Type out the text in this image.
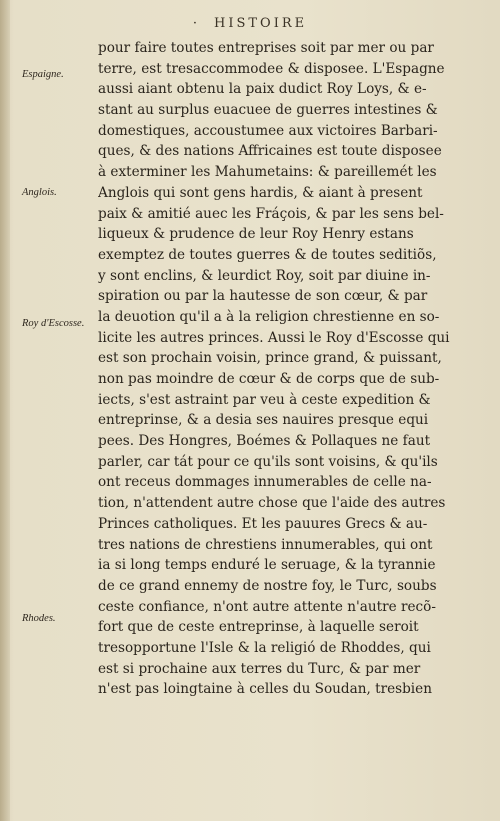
· HISTOIRE
Espaigne.
Anglois.
Roy d'Escosse.
Rhodes.
pour faire toutes entreprises soit par mer ou par
terre, est tresaccommodee & disposee. L'Espagne
aussi aiant obtenu la paix dudict Roy Loys, & e-
stant au surplus euacuee de guerres intestines &
domestiques, accoustumee aux victoires Barbari-
ques, & des nations Affricaines est toute disposee
à exterminer les Mahumetains: & pareillemét les
Anglois qui sont gens hardis, & aiant à present
paix & amitié auec les Fráçois, & par les sens bel-
liqueux & prudence de leur Roy Henry estans
exemptez de toutes guerres & de toutes seditiõs,
y sont enclins, & leurdict Roy, soit par diuine in-
spiration ou par la hautesse de son cœur, & par
la deuotion qu'il a à la religion chrestienne en so-
licite les autres princes. Aussi le Roy d'Escosse qui
est son prochain voisin, prince grand, & puissant,
non pas moindre de cœur & de corps que de sub-
iects, s'est astraint par veu à ceste expedition &
entreprinse, & a desia ses nauires presque equi
pees. Des Hongres, Boémes & Pollaques ne faut
parler, car tát pour ce qu'ils sont voisins, & qu'ils
ont receus dommages innumerables de celle na-
tion, n'attendent autre chose que l'aide des autres
Princes catholiques. Et les pauures Grecs & au-
tres nations de chrestiens innumerables, qui ont
ia si long temps enduré le seruage, & la tyrannie
de ce grand ennemy de nostre foy, le Turc, soubs
ceste confiance, n'ont autre attente n'autre recõ-
fort que de ceste entreprinse, à laquelle seroit
tresopportune l'Isle & la religió de Rhoddes, qui
est si prochaine aux terres du Turc, & par mer
n'est pas loingtaine à celles du Soudan, tresbien
